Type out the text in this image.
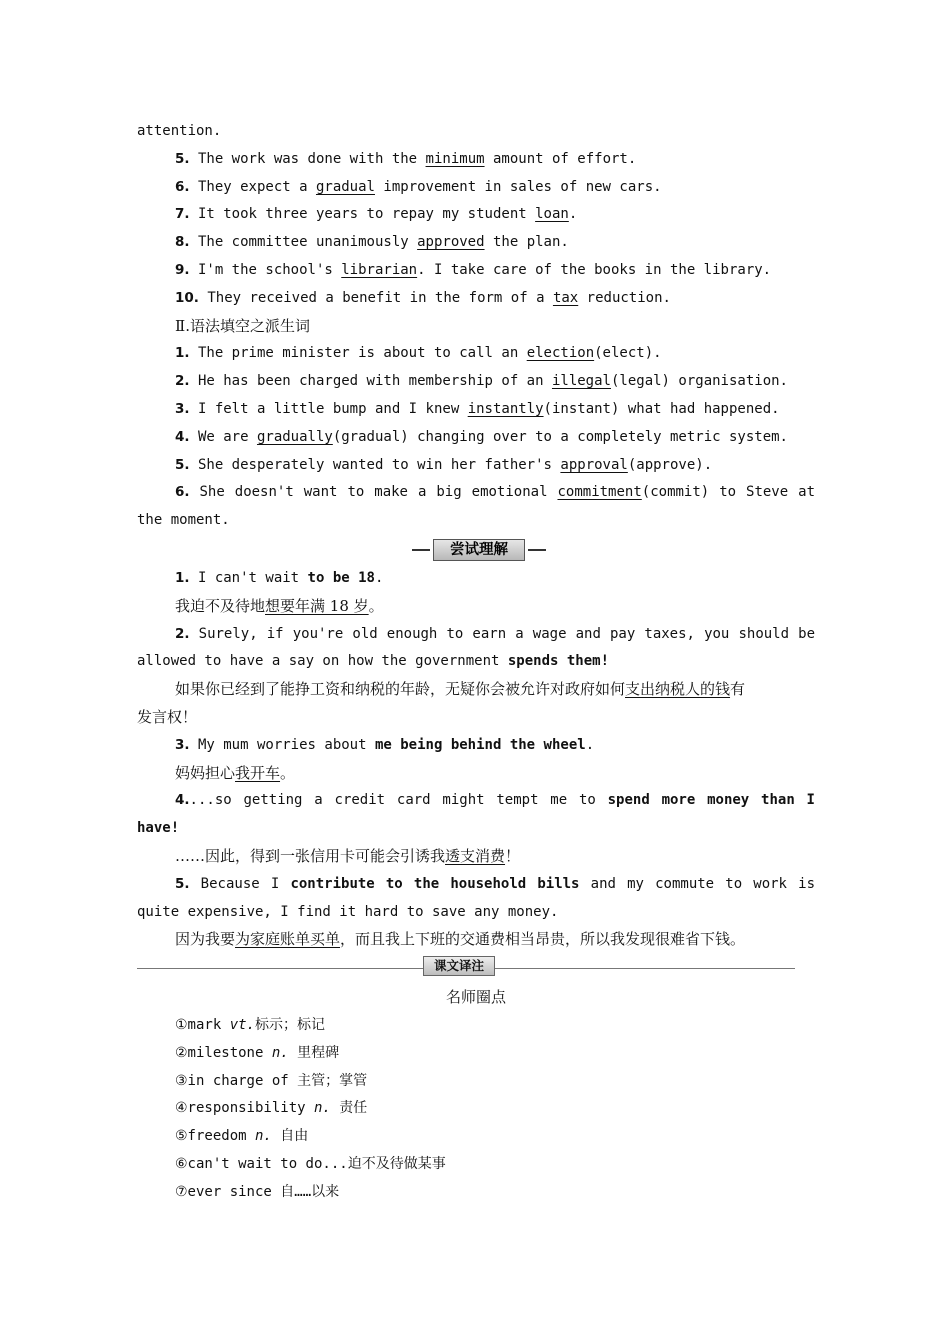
attention.
5. The work was done with the minimum amount of effort.
6. They expect a gradual improvement in sales of new cars.
7. It took three years to repay my student loan.
8. The committee unanimously approved the plan.
9. I'm the school's librarian. I take care of the books in the library.
10. They received a benefit in the form of a tax reduction.
Ⅱ.语法填空之派生词
1. The prime minister is about to call an election(elect).
2. He has been charged with membership of an illegal(legal) organisation.
3. I felt a little bump and I knew instantly(instant) what had happened.
4. We are gradually(gradual) changing over to a completely metric system.
5. She desperately wanted to win her father's approval(approve).
6. She doesn't want to make a big emotional commitment(commit) to Steve at
the moment.
尝试理解
1. I can't wait to be 18.
我迫不及待地想要年满 18 岁。
2. Surely, if you're old enough to earn a wage and pay taxes, you should be
allowed to have a say on how the government spends them!
如果你已经到了能挣工资和纳税的年龄，无疑你会被允许对政府如何支出纳税人的钱有
发言权！
3. My mum worries about me being behind the wheel.
妈妈担心我开车。
4....so getting a credit card might tempt me to spend more money than I
have!
……因此，得到一张信用卡可能会引诱我透支消费！
5. Because I contribute to the household bills and my commute to work is
quite expensive, I find it hard to save any money.
因为我要为家庭账单买单，而且我上下班的交通费相当昂贵，所以我发现很难省下钱。
课文译注
名师圈点
①mark vt.标示；标记
②milestone n. 里程碑
③in charge of 主管；掌管
④responsibility n. 责任
⑤freedom n. 自由
⑥can't wait to do...迫不及待做某事
⑦ever since 自……以来
